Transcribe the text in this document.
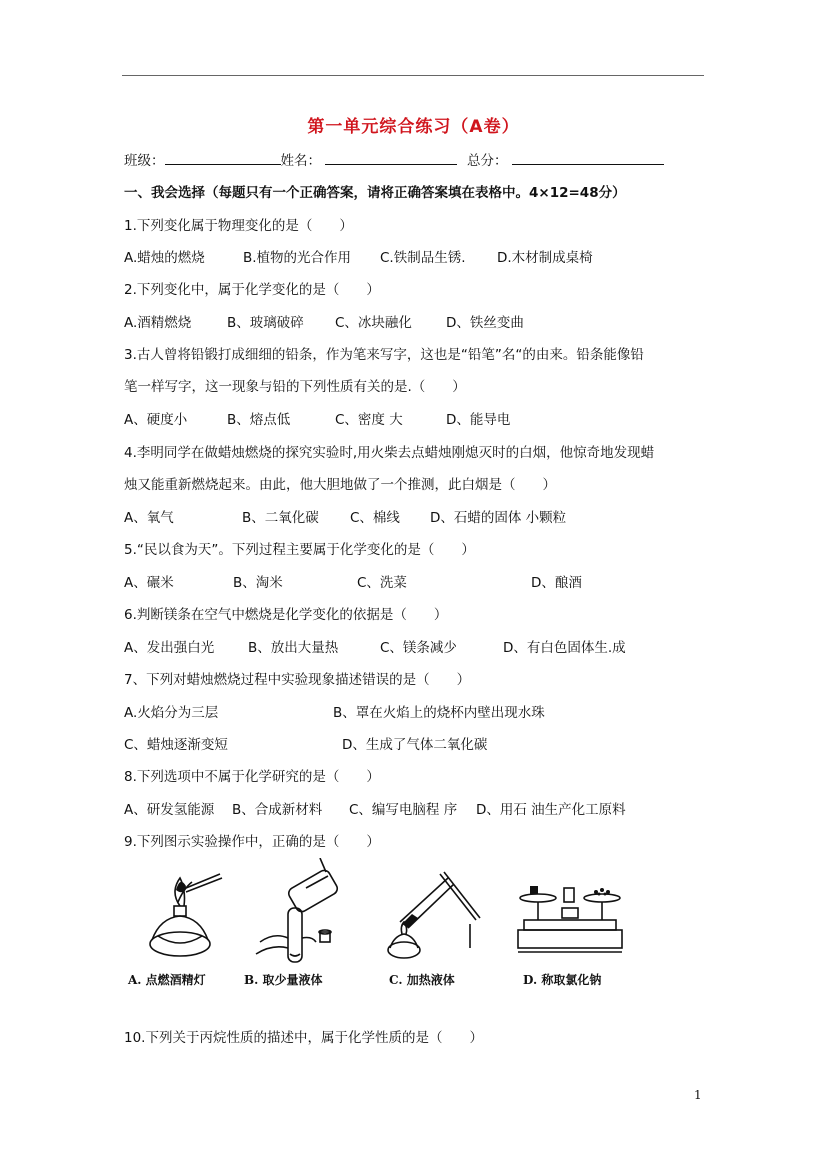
第一单元综合练习（A卷）
班级：	姓名：	总分：
一、我会选择（每题只有一个正确答案，请将正确答案填在表格中。4×12=48分）
1.下列变化属于物理变化的是（　　）
A.蜡烛的燃烧	B.植物的光合作用 C.铁制品生锈. D.木材制成桌椅
2.下列变化中，属于化学变化的是（　　）
A.酒精燃烧	B、玻璃破碎 C、冰块融化	D、铁丝变曲
3.古人曾将铅锻打成细细的铅条，作为笔来写字，这也是“铅笔”名“的由来。铅条能像铅
笔一样写字，这一现象与铅的下列性质有关的是.（　　）
A、硬度小	B、熔点低	C、密度 大	D、能导电
4.李明同学在做蜡烛燃烧的探究实验时,用火柴去点蜡烛刚熄灭时的白烟，他惊奇地发现蜡
烛又能重新燃烧起来。由此，他大胆地做了一个推测，此白烟是（　　）
A、氧气	B、二氧化碳 C、棉线 D、石蜡的固体 小颗粒
5.“民以食为天”。下列过程主要属于化学变化的是（　　）
A、碾米	B、淘米	C、洗菜	D、酿酒
6.判断镁条在空气中燃烧是化学变化的依据是（　　）
A、发出强白光	B、放出大量热	C、镁条减少	D、有白色固体生.成
7、下列对蜡烛燃烧过程中实验现象描述错误的是（　　）
A.火焰分为三层	B、罩在火焰上的烧杯内壁出现水珠
C、蜡烛逐渐变短	D、生成了气体二氧化碳
8.下列选项中不属于化学研究的是（　　）
A、研发氢能源 B、合成新材料 C、编写电脑程 序 D、用石 油生产化工原料
9.下列图示实验操作中，正确的是（　　）
A. 点燃酒精灯	B. 取少量液体	C. 加热液体	D. 称取氯化钠
10.下列关于丙烷性质的描述中，属于化学性质的是（　　）
1
